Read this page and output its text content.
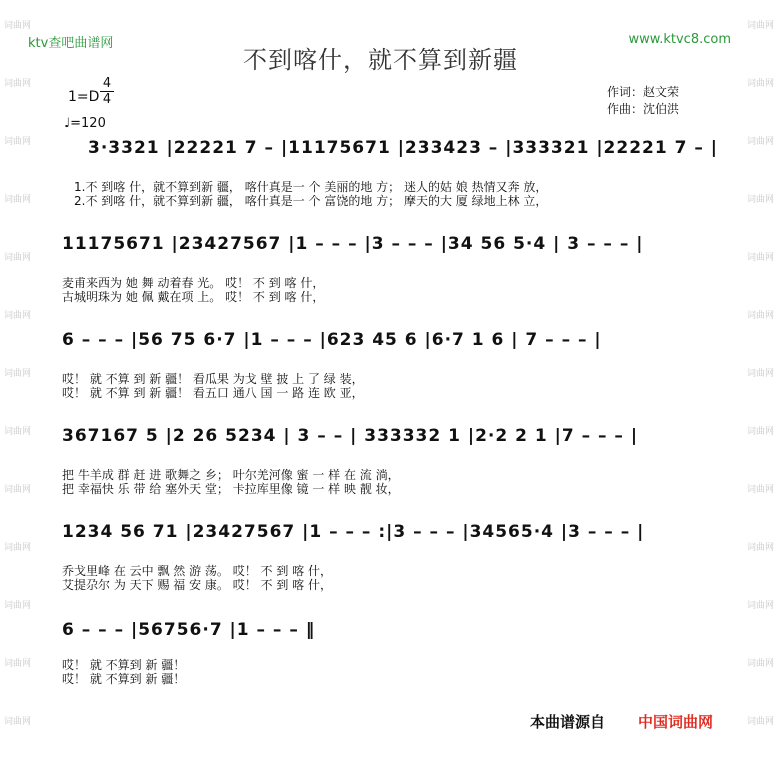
词曲网
词曲网
词曲网
词曲网
词曲网
词曲网
词曲网
词曲网
词曲网
词曲网
词曲网
词曲网
词曲网
词曲网
词曲网
词曲网
词曲网
词曲网
词曲网
词曲网
词曲网
词曲网
词曲网
词曲网
词曲网
词曲网
ktv查吧曲谱网	www.ktvc8.com
不到喀什，就不算到新疆
1=D
4
4
♩=120
作词：赵文荣
作曲：沈伯洪
3·3321 |22221 7 – |11175671 |233423 – |333321 |22221 7 – |
1.不 到喀 什，就不算到新 疆， 喀什真是一 个 美丽的地 方； 迷人的姑 娘 热情又奔 放，
2.不 到喀 什，就不算到新 疆， 喀什真是一 个 富饶的地 方； 摩天的大 厦 绿地上林 立，
11175671 |23427567 |1 – – – |3 – – – |34 56 5·4 | 3 – – – |
麦甫来西为 她 舞 动着春 光。 哎！ 不 到 喀 什，
古城明珠为 她 佩 戴在项 上。 哎！ 不 到 喀 什，
6 – – – |56 75 6·7 |1 – – – |623 45 6 |6·7 1 6 | 7 – – – |
哎！ 就 不算 到 新 疆！ 看瓜果 为戈 壁 披 上 了 绿 装，
哎！ 就 不算 到 新 疆！ 看五口 通八 国 一 路 连 欧 亚，
367167 5 |2 26 5234 | 3 – – | 333332 1 |2·2 2 1 |7 – – – |
把 牛羊成 群 赶 进 歌舞之 乡； 叶尔羌河像 蜜 一 样 在 流 淌，
把 幸福快 乐 带 给 塞外天 堂； 卡拉库里像 镜 一 样 映 靓 妆，
1234 56 71 |23427567 |1 – – – :|3 – – – |34565·4 |3 – – – |
乔戈里峰 在 云中 飘 然 游 荡。 哎！ 不 到 喀 什，
艾提尕尔 为 天下 赐 福 安 康。 哎！ 不 到 喀 什，
6 – – – |56756·7 |1 – – – ‖
哎！ 就 不算到 新 疆！
哎！ 就 不算到 新 疆！
本曲谱源自 中国词曲网
